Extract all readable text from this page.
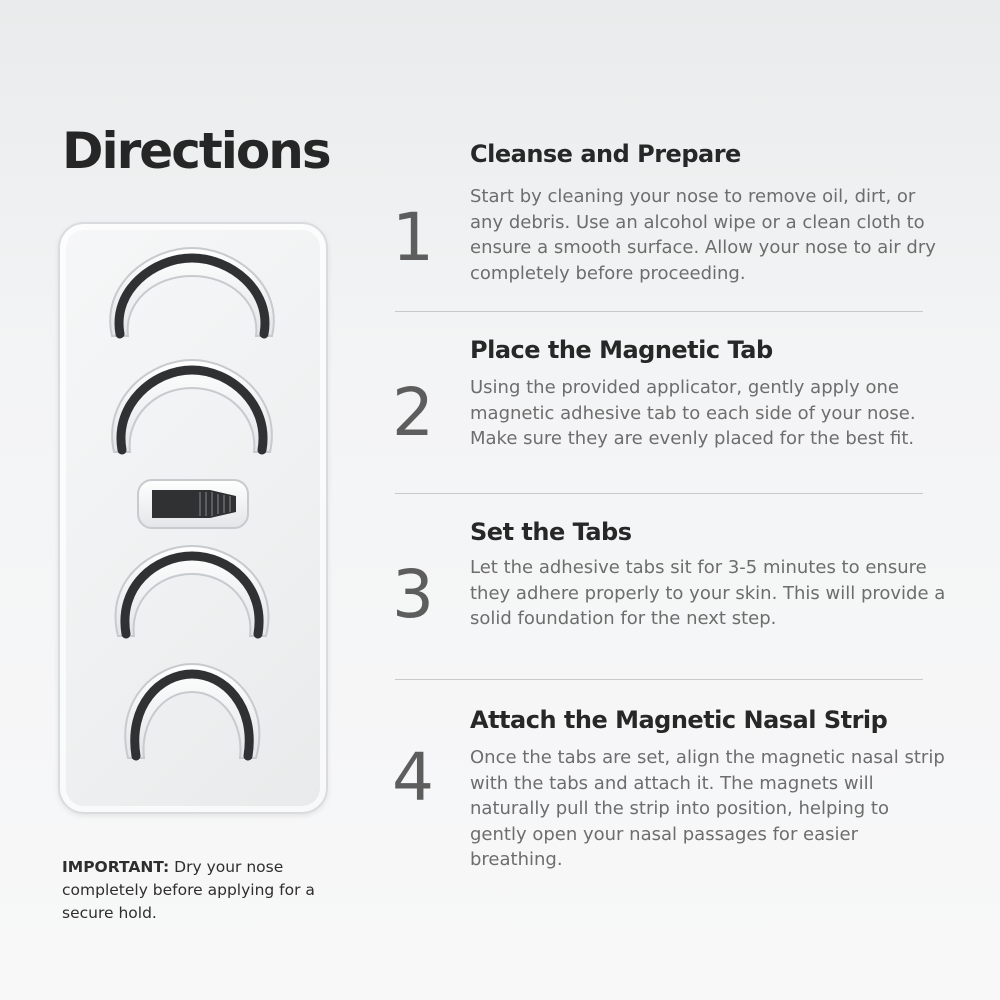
Directions

IMPORTANT: Dry your nose completely before applying for a secure hold.

1
Cleanse and Prepare
Start by cleaning your nose to remove oil, dirt, or any debris. Use an alcohol wipe or a clean cloth to ensure a smooth surface. Allow your nose to air dry completely before proceeding.
2
Place the Magnetic Tab
Using the provided applicator, gently apply one magnetic adhesive tab to each side of your nose. Make sure they are evenly placed for the best fit.
3
Set the Tabs
Let the adhesive tabs sit for 3-5 minutes to ensure they adhere properly to your skin. This will provide a solid foundation for the next step.
4
Attach the Magnetic Nasal Strip
Once the tabs are set, align the magnetic nasal strip with the tabs and attach it. The magnets will naturally pull the strip into position, helping to gently open your nasal passages for easier breathing.
